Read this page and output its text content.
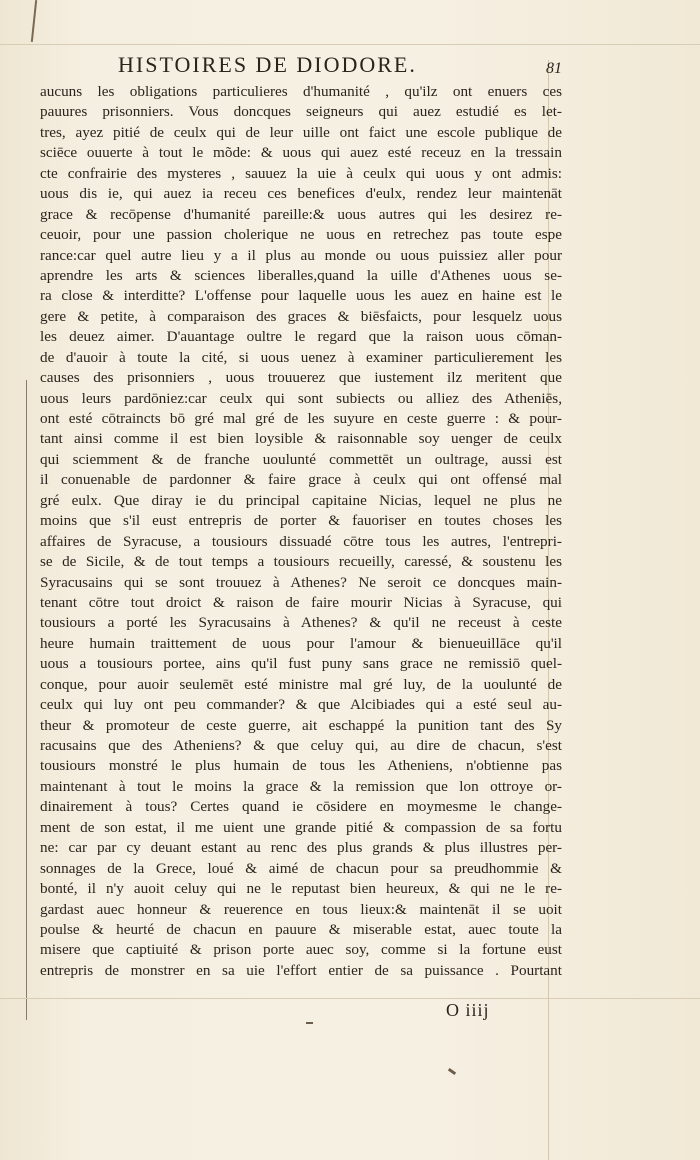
HISTOIRES DE DIODORE.	81
aucuns les obligations particulieres d'humanité , qu'ilz ont enuers ces
pauures prisonniers. Vous doncques seigneurs qui auez estudié es let-
tres, ayez pitié de ceulx qui de leur uille ont faict une escole publique de
sciēce ouuerte à tout le mõde: & uous qui auez esté receuz en la tressain
cte confrairie des mysteres , sauuez la uie à ceulx qui uous y ont admis:
uous dis ie, qui auez ia receu ces benefices d'eulx, rendez leur maintenāt
grace & recōpense d'humanité pareille:& uous autres qui les desirez re-
ceuoir, pour une passion cholerique ne uous en retrechez pas toute espe
rance:car quel autre lieu y a il plus au monde ou uous puissiez aller pour
aprendre les arts & sciences liberalles,quand la uille d'Athenes uous se-
ra close & interditte? L'offense pour laquelle uous les auez en haine est le
gere & petite, à comparaison des graces & biēsfaicts, pour lesquelz uous
les deuez aimer. D'auantage oultre le regard que la raison uous cōman-
de d'auoir à toute la cité, si uous uenez à examiner particulierement les
causes des prisonniers , uous trouuerez que iustement ilz meritent que
uous leurs pardōniez:car ceulx qui sont subiects ou alliez des Atheniēs,
ont esté cōtraincts bō gré mal gré de les suyure en ceste guerre : & pour-
tant ainsi comme il est bien loysible & raisonnable soy uenger de ceulx
qui sciemment & de franche uoulunté commettēt un oultrage, aussi est
il conuenable de pardonner & faire grace à ceulx qui ont offensé mal
gré eulx. Que diray ie du principal capitaine Nicias, lequel ne plus ne
moins que s'il eust entrepris de porter & fauoriser en toutes choses les
affaires de Syracuse, a tousiours dissuadé cōtre tous les autres, l'entrepri-
se de Sicile, & de tout temps a tousiours recueilly, caressé, & soustenu les
Syracusains qui se sont trouuez à Athenes? Ne seroit ce doncques main-
tenant cōtre tout droict & raison de faire mourir Nicias à Syracuse, qui
tousiours a porté les Syracusains à Athenes? & qu'il ne receust à ceste
heure humain traittement de uous pour l'amour & bienueuillāce qu'il
uous a tousiours portee, ains qu'il fust puny sans grace ne remissiō quel-
conque, pour auoir seulemēt esté ministre mal gré luy, de la uoulunté de
ceulx qui luy ont peu commander? & que Alcibiades qui a esté seul au-
theur & promoteur de ceste guerre, ait eschappé la punition tant des Sy
racusains que des Atheniens? & que celuy qui, au dire de chacun, s'est
tousiours monstré le plus humain de tous les Atheniens, n'obtienne pas
maintenant à tout le moins la grace & la remission que lon ottroye or-
dinairement à tous? Certes quand ie cōsidere en moymesme le change-
ment de son estat, il me uient une grande pitié & compassion de sa fortu
ne: car par cy deuant estant au renc des plus grands & plus illustres per-
sonnages de la Grece, loué & aimé de chacun pour sa preudhommie &
bonté, il n'y auoit celuy qui ne le reputast bien heureux, & qui ne le re-
gardast auec honneur & reuerence en tous lieux:& maintenāt il se uoit
poulse & heurté de chacun en pauure & miserable estat, auec toute la
misere que captiuité & prison porte auec soy, comme si la fortune eust
entrepris de monstrer en sa uie l'effort entier de sa puissance . Pourtant
O iiij
